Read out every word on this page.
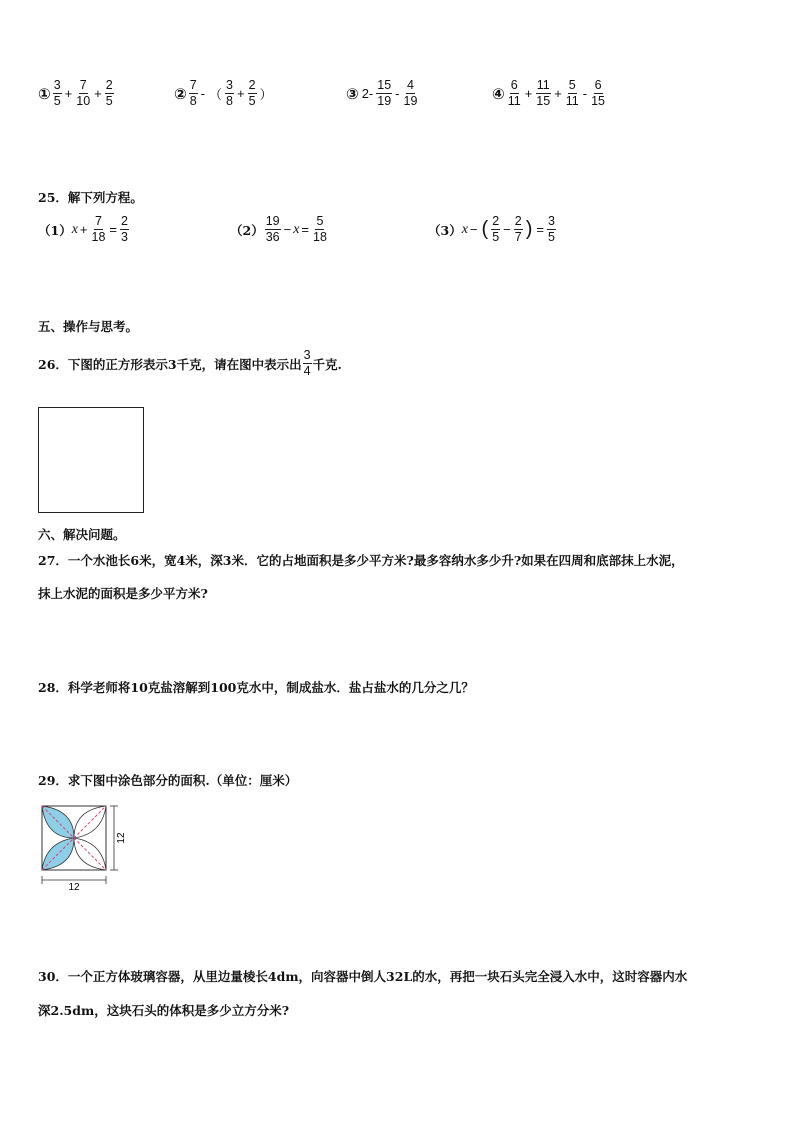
① 3
$5 + \frac{7}{10} + \frac{2}{5}$	② 7
8 - （
3
$8 + \frac{2}{5}$ ）	③ 2-
15
19 -
4
19	④ 6
$11 + \frac{11}{15} + \frac{5}{11}$ -
6
15
25．解下列方程。
（1） $x + \frac{7}{18} = \frac{2}{3}$	（2）
19
$36 - x = \frac{5}{18}$	（3） x − ( 2
$5 - \frac{2}{7}$ ) = $\frac{3}{5}$
五、操作与思考。
26．下图的正方形表示3千克，请在图中表示出
3
4 千克.
六、解决问题。
27．一个水池长6米，宽4米，深3米．它的占地面积是多少平方米?最多容纳水多少升?如果在四周和底部抹上水泥，
抹上水泥的面积是多少平方米?
28．科学老师将10克盐溶解到100克水中，制成盐水．盐占盐水的几分之几？
29．求下图中涂色部分的面积.（单位：厘米）
12
12
30．一个正方体玻璃容器，从里边量棱长4dm，向容器中倒人32L的水，再把一块石头完全浸入水中，这时容器内水
深2.5dm，这块石头的体积是多少立方分米?
